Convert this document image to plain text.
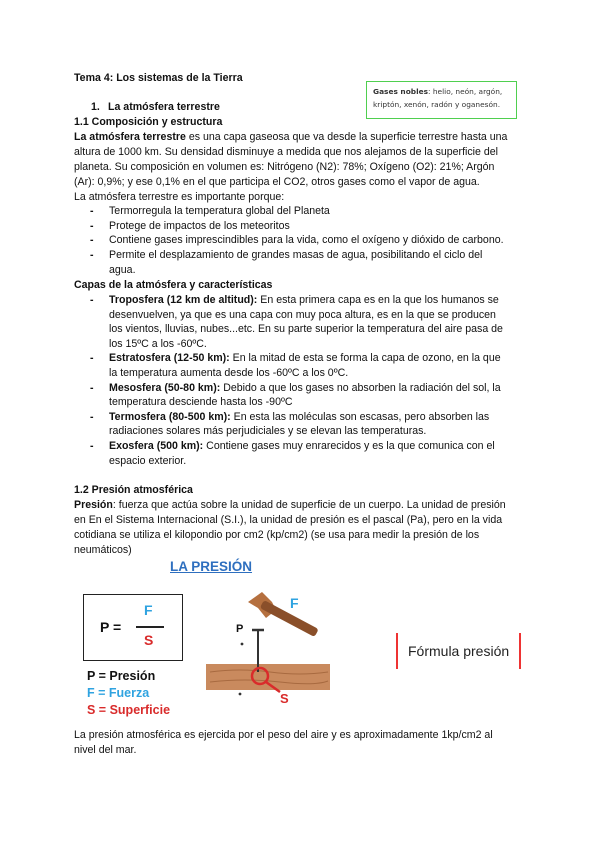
Tema 4: Los sistemas de la Tierra
Gases nobles: helio, neón, argón, kriptón, xenón, radón y oganesón.
1. La atmósfera terrestre
1.1 Composición y estructura
La atmósfera terrestre es una capa gaseosa que va desde la superficie terrestre hasta una
altura de 1000 km. Su densidad disminuye a medida que nos alejamos de la superficie del
planeta. Su composición en volumen es: Nitrógeno (N2): 78%; Oxígeno (O2): 21%; Argón
(Ar): 0,9%; y ese 0,1% en el que participa el CO2, otros gases como el vapor de agua.
La atmósfera terrestre es importante porque:
- Termorregula la temperatura global del Planeta
- Protege de impactos de los meteoritos
- Contiene gases imprescindibles para la vida, como el oxígeno y dióxido de carbono.
- Permite el desplazamiento de grandes masas de agua, posibilitando el ciclo del
agua.
Capas de la atmósfera y características
- Troposfera (12 km de altitud): En esta primera capa es en la que los humanos se
desenvuelven, ya que es una capa con muy poca altura, es en la que se producen
los vientos, lluvias, nubes...etc. En su parte superior la temperatura del aire pasa de
los 15ºC a los -60ºC.
- Estratosfera (12-50 km): En la mitad de esta se forma la capa de ozono, en la que
la temperatura aumenta desde los -60ºC a los 0ºC.
- Mesosfera (50-80 km): Debido a que los gases no absorben la radiación del sol, la
temperatura desciende hasta los -90ºC
- Termosfera (80-500 km): En esta las moléculas son escasas, pero absorben las
radiaciones solares más perjudiciales y se elevan las temperaturas.
- Exosfera (500 km): Contiene gases muy enrarecidos y es la que comunica con el
espacio exterior.
1.2 Presión atmosférica
Presión: fuerza que actúa sobre la unidad de superficie de un cuerpo. La unidad de presión
en En el Sistema Internacional (S.I.), la unidad de presión es el pascal (Pa), pero en la vida
cotidiana se utiliza el kilopondio por cm2 (kp/cm2) (se usa para medir la presión de los
neumáticos)
LA PRESIÓN
P =
F
S
P = Presión
F = Fuerza
S = Superficie
P
F
S
Fórmula presión
La presión atmosférica es ejercida por el peso del aire y es aproximadamente 1kp/cm2 al
nivel del mar.
